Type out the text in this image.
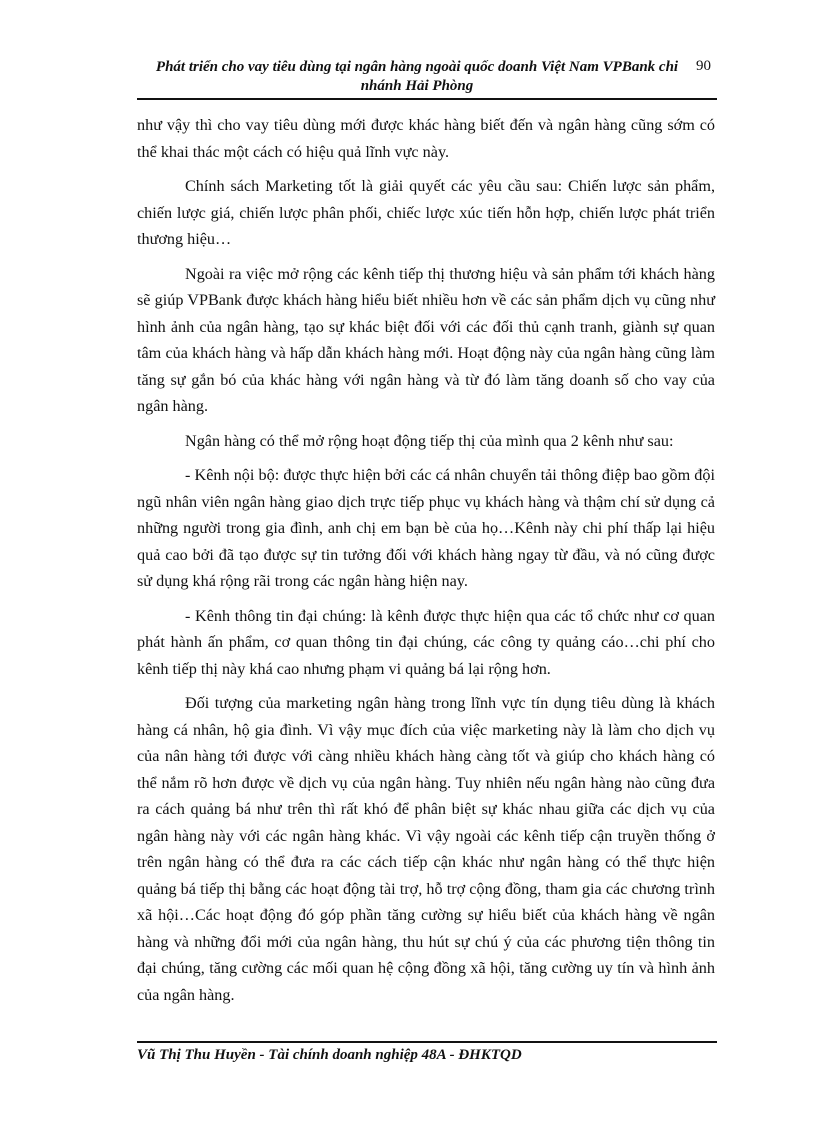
Phát triển cho vay tiêu dùng tại ngân hàng ngoài quốc doanh Việt Nam VPBank chi nhánh Hải Phòng
90

như vậy thì cho vay tiêu dùng mới được khác hàng biết đến và ngân hàng cũng sớm có thể khai thác một cách có hiệu quả lĩnh vực này.

Chính sách Marketing tốt là giải quyết các yêu cầu sau: Chiến lược sản phẩm, chiến lược giá, chiến lược phân phối, chiếc lược xúc tiến hỗn hợp, chiến lược phát triển thương hiệu…

Ngoài ra việc mở rộng các kênh tiếp thị thương hiệu và sản phẩm tới khách hàng sẽ giúp VPBank được khách hàng hiểu biết nhiều hơn về các sản phẩm dịch vụ cũng như hình ảnh của ngân hàng, tạo sự khác biệt đối với các đối thủ cạnh tranh, giành sự quan tâm của khách hàng và hấp dẫn khách hàng mới. Hoạt động này của ngân hàng cũng làm tăng sự gắn bó của khác hàng với ngân hàng và từ đó làm tăng doanh số cho vay của ngân hàng.

Ngân hàng có thể mở rộng hoạt động tiếp thị của mình qua 2 kênh như sau:

- Kênh nội bộ: được thực hiện bởi các cá nhân chuyển tải thông điệp bao gồm đội ngũ nhân viên ngân hàng giao dịch trực tiếp phục vụ khách hàng và thậm chí sử dụng cả những người trong gia đình, anh chị em bạn bè của họ…Kênh này chi phí thấp lại hiệu quả cao bởi đã tạo được sự tin tưởng đối với khách hàng ngay từ đầu, và nó cũng được sử dụng khá rộng rãi trong các ngân hàng hiện nay.

- Kênh thông tin đại chúng: là kênh được thực hiện qua các tổ chức như cơ quan phát hành ấn phẩm, cơ quan thông tin đại chúng, các công ty quảng cáo…chi phí cho kênh tiếp thị này khá cao nhưng phạm vi quảng bá lại rộng hơn.

Đối tượng của marketing ngân hàng trong lĩnh vực tín dụng tiêu dùng là khách hàng cá nhân, hộ gia đình. Vì vậy mục đích của việc marketing này là làm cho dịch vụ của nân hàng tới được với càng nhiều khách hàng càng tốt và giúp cho khách hàng có thể nắm rõ hơn được về dịch vụ của ngân hàng. Tuy nhiên nếu ngân hàng nào cũng đưa ra cách quảng bá như trên thì rất khó để phân biệt sự khác nhau giữa các dịch vụ của ngân hàng này với các ngân hàng khác. Vì vậy ngoài các kênh tiếp cận truyền thống ở trên ngân hàng có thể đưa ra các cách tiếp cận khác như ngân hàng có thể thực hiện quảng bá tiếp thị bằng các hoạt động tài trợ, hỗ trợ cộng đồng, tham gia các chương trình xã hội…Các hoạt động đó góp phần tăng cường sự hiểu biết của khách hàng về ngân hàng và những đổi mới của ngân hàng, thu hút sự chú ý của các phương tiện thông tin đại chúng, tăng cường các mối quan hệ cộng đồng xã hội, tăng cường uy tín và hình ảnh của ngân hàng.

Vũ Thị Thu Huyền - Tài chính doanh nghiệp 48A - ĐHKTQD
